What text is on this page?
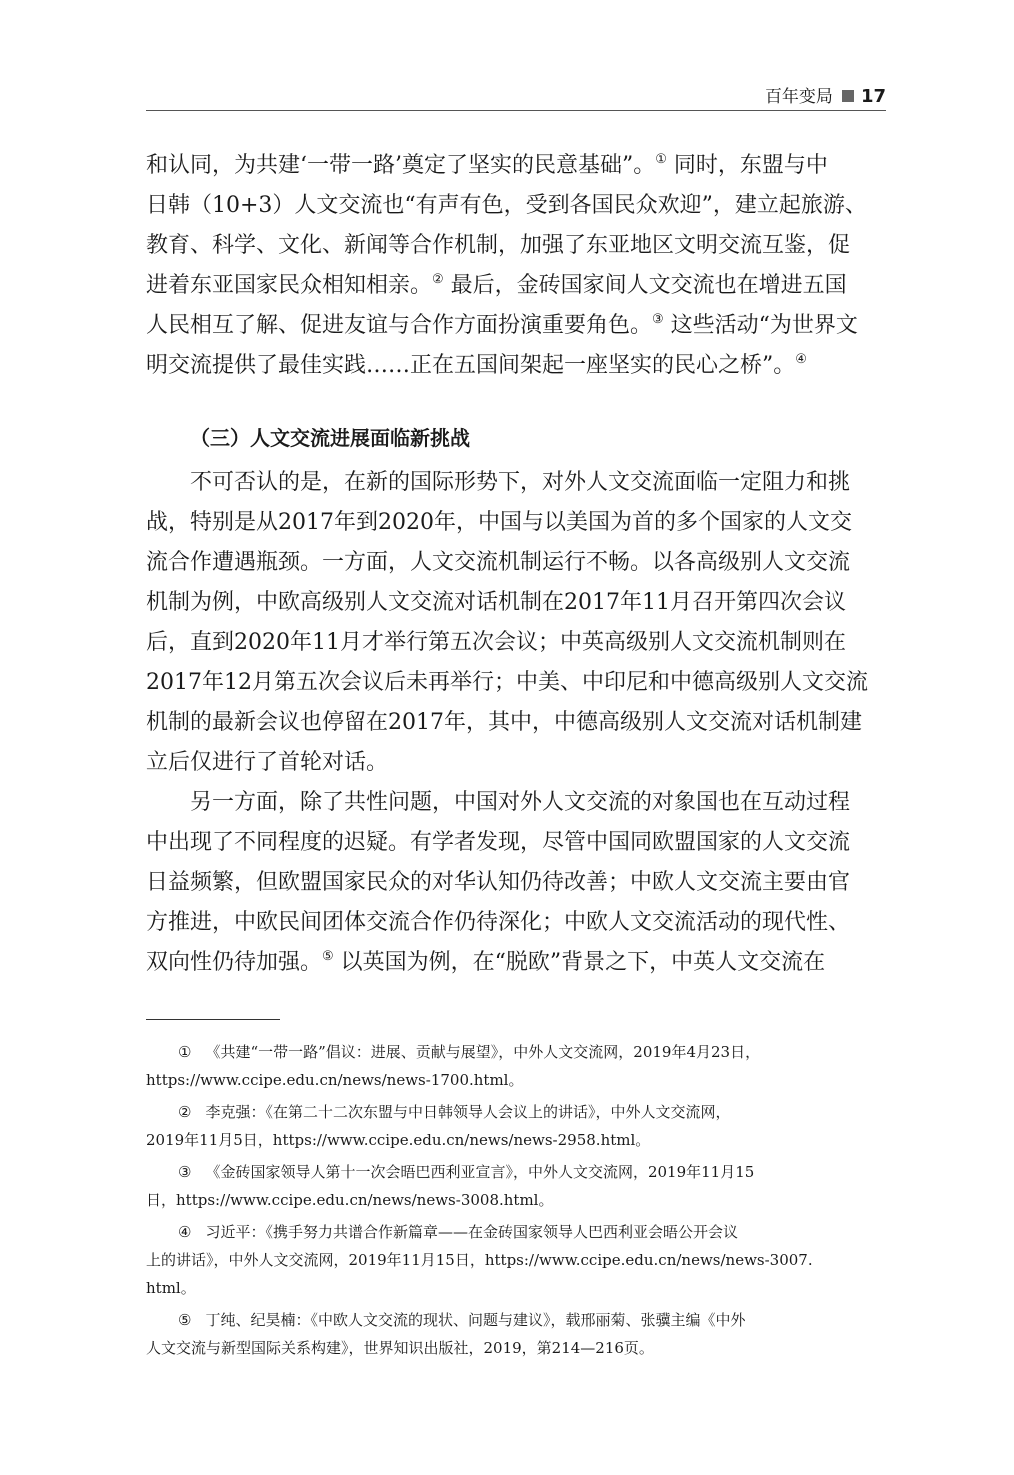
百年变局 17
和认同，为共建‘一带一路’奠定了坚实的民意基础”。① 同时，东盟与中
日韩（10+3）人文交流也“有声有色，受到各国民众欢迎”，建立起旅游、
教育、科学、文化、新闻等合作机制，加强了东亚地区文明交流互鉴，促
进着东亚国家民众相知相亲。② 最后，金砖国家间人文交流也在增进五国
人民相互了解、促进友谊与合作方面扮演重要角色。③ 这些活动“为世界文
明交流提供了最佳实践……正在五国间架起一座坚实的民心之桥”。④
（三）人文交流进展面临新挑战
不可否认的是，在新的国际形势下，对外人文交流面临一定阻力和挑
战，特别是从2017年到2020年，中国与以美国为首的多个国家的人文交
流合作遭遇瓶颈。一方面，人文交流机制运行不畅。以各高级别人文交流
机制为例，中欧高级别人文交流对话机制在2017年11月召开第四次会议
后，直到2020年11月才举行第五次会议；中英高级别人文交流机制则在
2017年12月第五次会议后未再举行；中美、中印尼和中德高级别人文交流
机制的最新会议也停留在2017年，其中，中德高级别人文交流对话机制建
立后仅进行了首轮对话。
另一方面，除了共性问题，中国对外人文交流的对象国也在互动过程
中出现了不同程度的迟疑。有学者发现，尽管中国同欧盟国家的人文交流
日益频繁，但欧盟国家民众的对华认知仍待改善；中欧人文交流主要由官
方推进，中欧民间团体交流合作仍待深化；中欧人文交流活动的现代性、
双向性仍待加强。⑤ 以英国为例，在“脱欧”背景之下，中英人文交流在
① 《共建“一带一路”倡议：进展、贡献与展望》，中外人文交流网，2019年4月23日，
https://www.ccipe.edu.cn/news/news-1700.html。
② 李克强：《在第二十二次东盟与中日韩领导人会议上的讲话》，中外人文交流网，
2019年11月5日，https://www.ccipe.edu.cn/news/news-2958.html。
③ 《金砖国家领导人第十一次会晤巴西利亚宣言》，中外人文交流网，2019年11月15
日，https://www.ccipe.edu.cn/news/news-3008.html。
④ 习近平：《携手努力共谱合作新篇章——在金砖国家领导人巴西利亚会晤公开会议
上的讲话》，中外人文交流网，2019年11月15日，https://www.ccipe.edu.cn/news/news-3007.
html。
⑤ 丁纯、纪昊楠：《中欧人文交流的现状、问题与建议》，载邢丽菊、张骥主编《中外
人文交流与新型国际关系构建》，世界知识出版社，2019，第214—216页。
